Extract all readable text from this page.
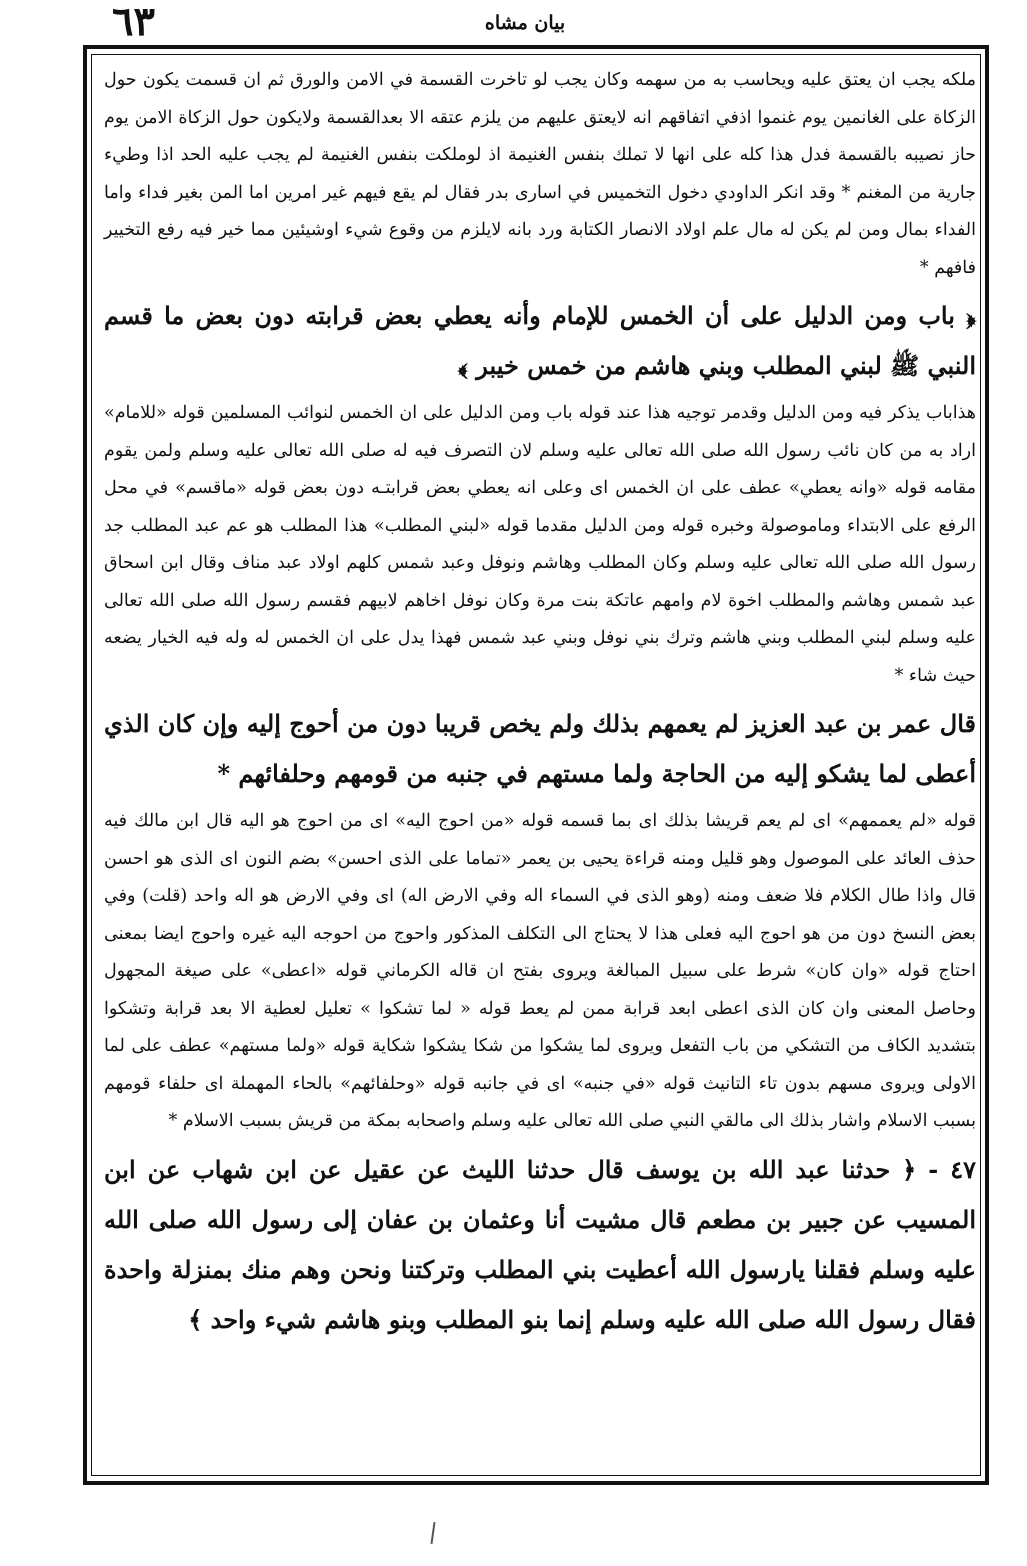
٦٣	بيان مشاه

ملكه يجب ان يعتق عليه ويحاسب به من سهمه وكان يجب لو تاخرت القسمة في الامن والورق ثم ان قسمت يكون حول الزكاة على الغانمين يوم غنموا اذفي اتفاقهم انه لايعتق عليهم من يلزم عتقه الا بعدالقسمة ولايكون حول الزكاة الامن يوم حاز نصيبه بالقسمة فدل هذا كله على انها لا تملك بنفس الغنيمة اذ لوملكت بنفس الغنيمة لم يجب عليه الحد اذا وطيء جارية من المغنم * وقد انكر الداودي دخول التخميس في اسارى بدر فقال لم يقع فيهم غير امرين اما المن بغير فداء واما الفداء بمال ومن لم يكن له مال علم اولاد الانصار الكتابة ورد بانه لايلزم من وقوع شيء اوشيئين مما خير فيه رفع التخيير فافهم *

﴿ باب ومن الدليل على أن الخمس للإمام وأنه يعطي بعض قرابته دون بعض ما قسم النبي ﷺ لبني المطلب وبني هاشم من خمس خيبر ﴾

هذاباب يذكر فيه ومن الدليل وقدمر توجيه هذا عند قوله باب ومن الدليل على ان الخمس لنوائب المسلمين قوله «للامام» اراد به من كان نائب رسول الله صلى الله تعالى عليه وسلم لان التصرف فيه له صلى الله تعالى عليه وسلم ولمن يقوم مقامه قوله «وانه يعطي» عطف على ان الخمس اى وعلى انه يعطي بعض قرابتـه دون بعض قوله «ماقسم» في محل الرفع على الابتداء وماموصولة وخبره قوله ومن الدليل مقدما قوله «لبني المطلب» هذا المطلب هو عم عبد المطلب جد رسول الله صلى الله تعالى عليه وسلم وكان المطلب وهاشم ونوفل وعبد شمس كلهم اولاد عبد مناف وقال ابن اسحاق عبد شمس وهاشم والمطلب اخوة لام وامهم عاتكة بنت مرة وكان نوفل اخاهم لابيهم فقسم رسول الله صلى الله تعالى عليه وسلم لبني المطلب وبني هاشم وترك بني نوفل وبني عبد شمس فهذا يدل على ان الخمس له وله فيه الخيار يضعه حيث شاء *

قال عمر بن عبد العزيز لم يعمهم بذلك ولم يخص قريبا دون من أحوج إليه وإن كان الذي أعطى لما يشكو إليه من الحاجة ولما مستهم في جنبه من قومهم وحلفائهم *

قوله «لم يعممهم» اى لم يعم قريشا بذلك اى بما قسمه قوله «من احوج اليه» اى من احوج هو اليه قال ابن مالك فيه حذف العائد على الموصول وهو قليل ومنه قراءة يحيى بن يعمر «تماما على الذى احسن» بضم النون اى الذى هو احسن قال واذا طال الكلام فلا ضعف ومنه (وهو الذى في السماء اله وفي الارض اله) اى وفي الارض هو اله واحد (قلت) وفي بعض النسخ دون من هو احوج اليه فعلى هذا لا يحتاج الى التكلف المذكور واحوج من احوجه اليه غيره واحوج ايضا بمعنى احتاج قوله «وان كان» شرط على سبيل المبالغة ويروى بفتح ان قاله الكرماني قوله «اعطى» على صيغة المجهول وحاصل المعنى وان كان الذى اعطى ابعد قرابة ممن لم يعط قوله « لما تشكوا » تعليل لعطية الا بعد قرابة وتشكوا بتشديد الكاف من التشكي من باب التفعل ويروى لما يشكوا من شكا يشكوا شكاية قوله «ولما مستهم» عطف على لما الاولى ويروى مسهم بدون تاء التانيث قوله «في جنبه» اى في جانبه قوله «وحلفائهم» بالحاء المهملة اى حلفاء قومهم بسبب الاسلام واشار بذلك الى مالقي النبي صلى الله تعالى عليه وسلم واصحابه بمكة من قريش بسبب الاسلام *

٤٧ - ﴿ حدثنا عبد الله بن يوسف قال حدثنا الليث عن عقيل عن ابن شهاب عن ابن المسيب عن جبير بن مطعم قال مشيت أنا وعثمان بن عفان إلى رسول الله صلى الله عليه وسلم فقلنا يارسول الله أعطيت بني المطلب وتركتنا ونحن وهم منك بمنزلة واحدة فقال رسول الله صلى الله عليه وسلم إنما بنو المطلب وبنو هاشم شيء واحد ﴾
